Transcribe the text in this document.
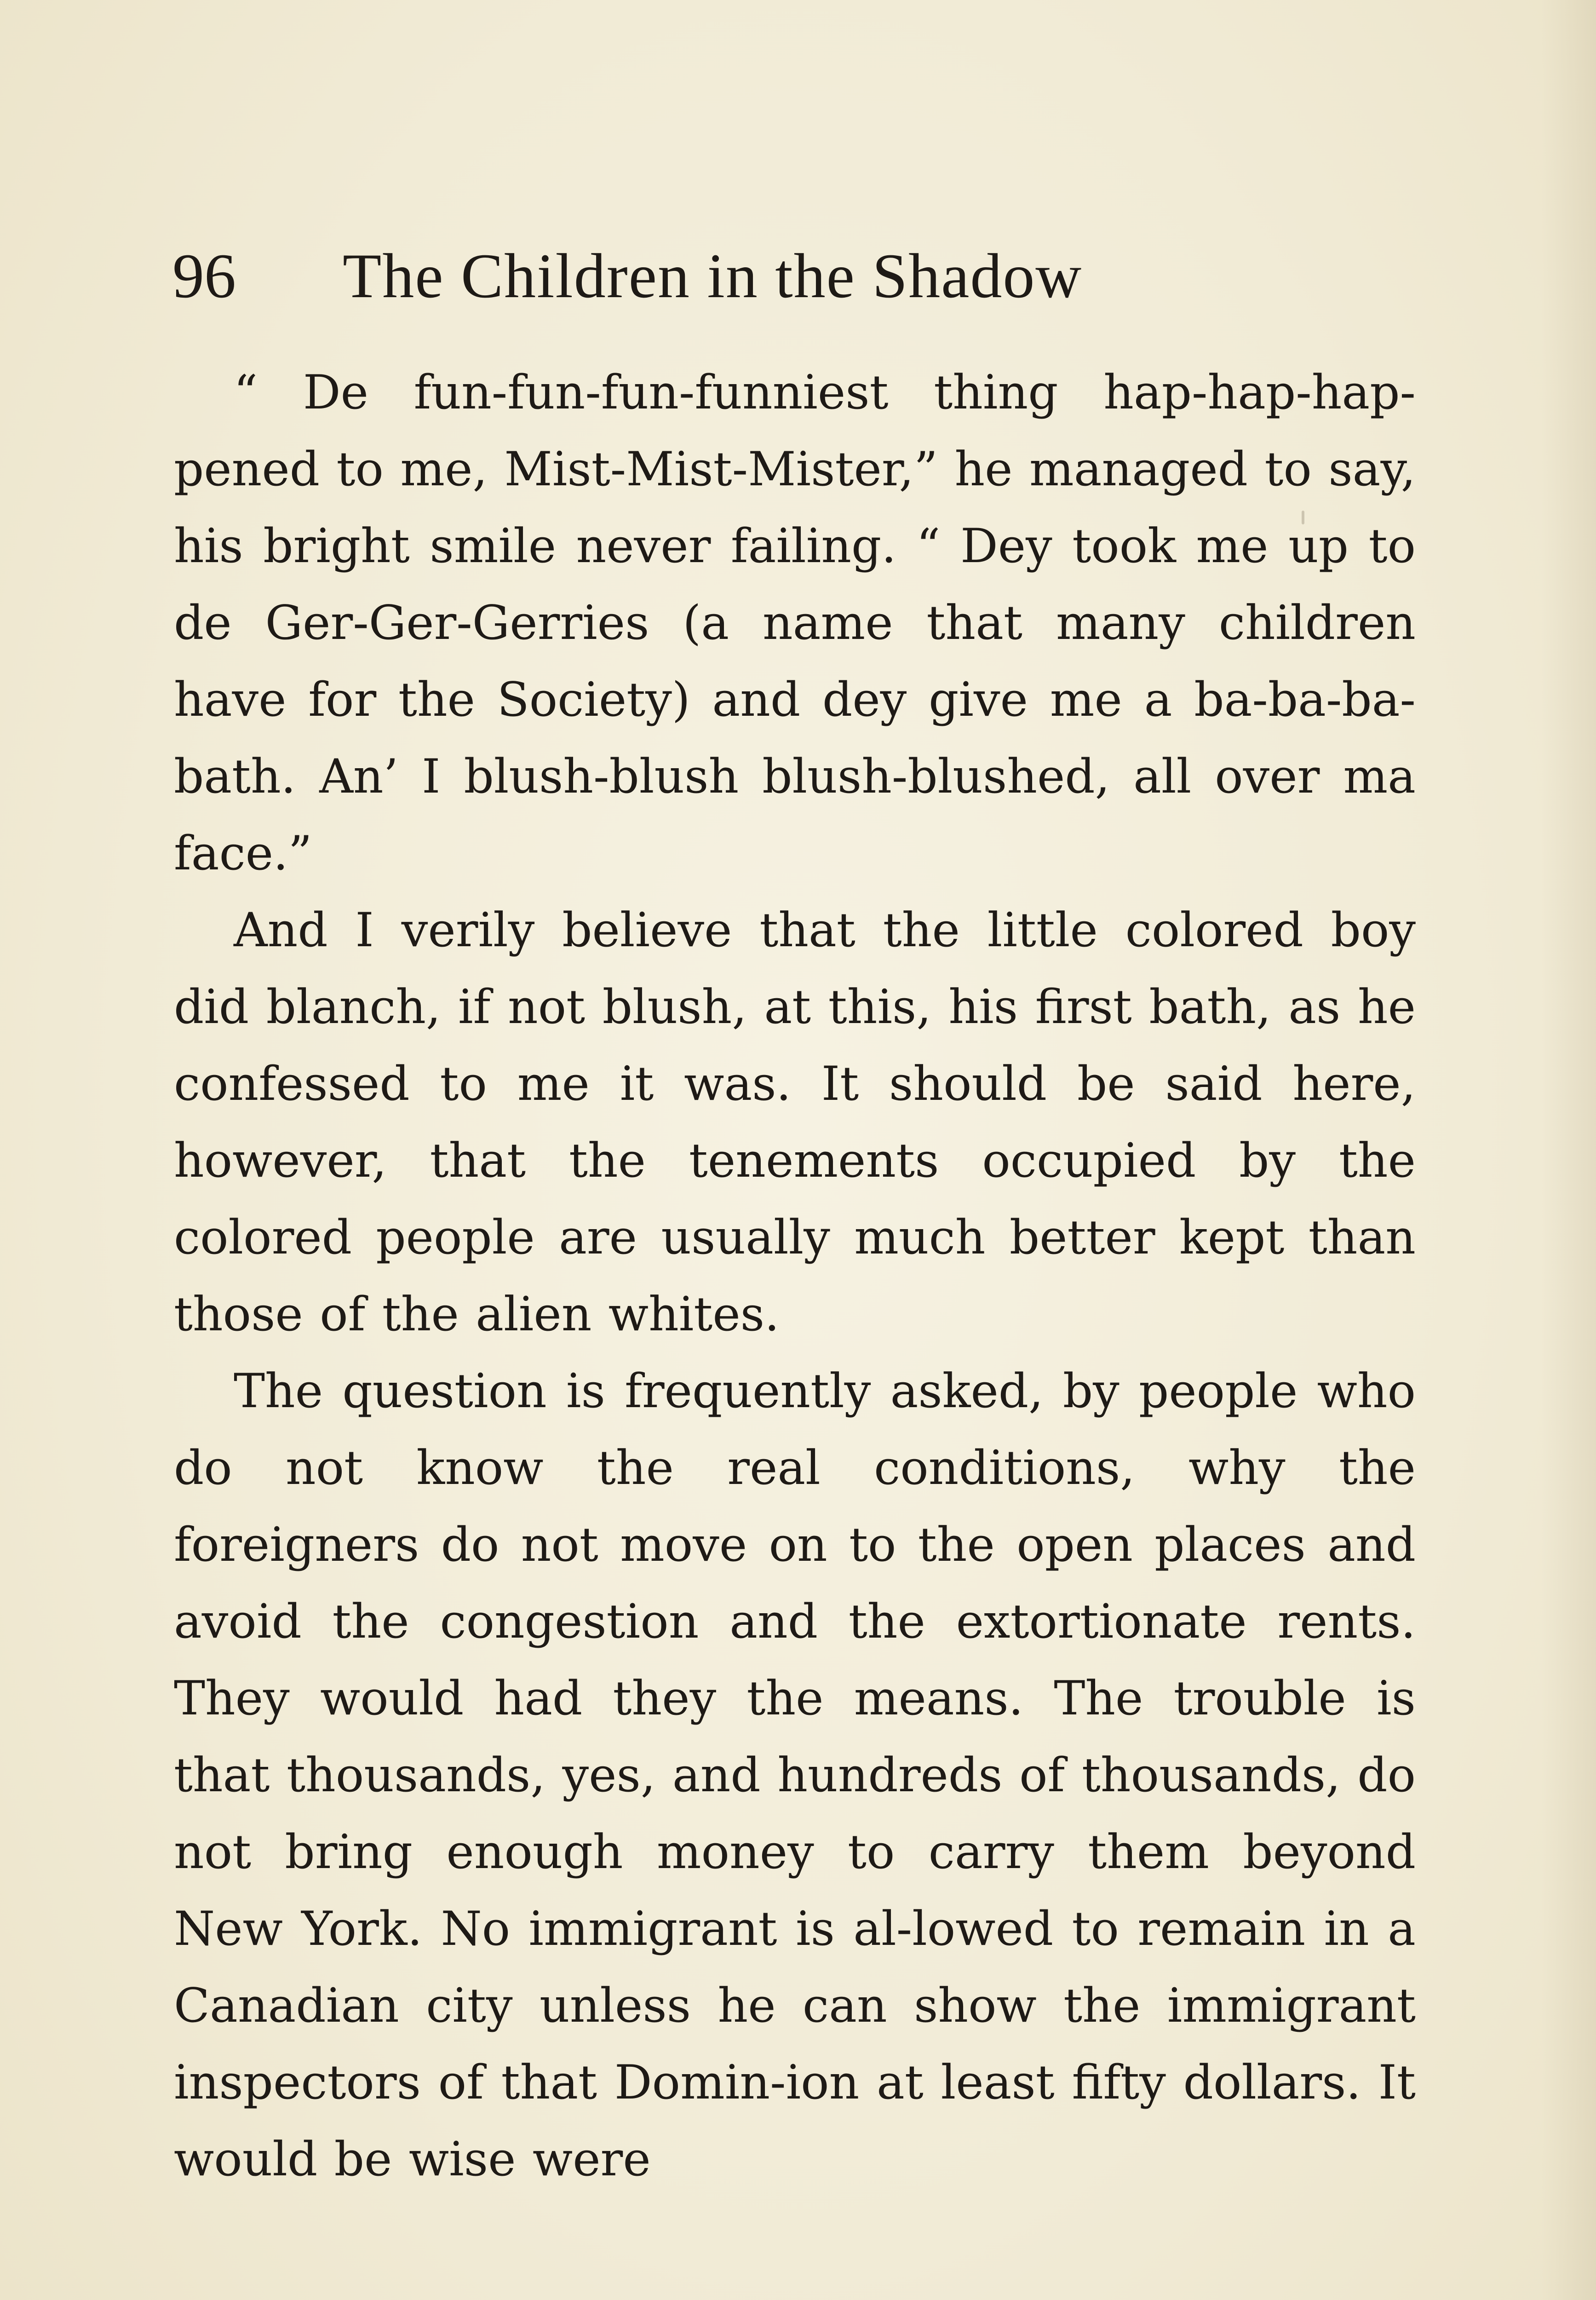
96 The Children in the Shadow

“ De fun-fun-fun-funniest thing hap-hap-hap-pened to me, Mist-Mist-Mister,” he managed to say, his bright smile never failing. “ Dey took me up to de Ger-Ger-Gerries (a name that many children have for the Society) and dey give me a ba-ba-ba-bath. An’ I blush-blush blush-blushed, all over ma face.”

And I verily believe that the little colored boy did blanch, if not blush, at this, his first bath, as he confessed to me it was. It should be said here, however, that the tenements occupied by the colored people are usually much better kept than those of the alien whites.

The question is frequently asked, by people who do not know the real conditions, why the foreigners do not move on to the open places and avoid the congestion and the extortionate rents. They would had they the means. The trouble is that thousands, yes, and hundreds of thousands, do not bring enough money to carry them beyond New York. No immigrant is al-lowed to remain in a Canadian city unless he can show the immigrant inspectors of that Domin-ion at least fifty dollars. It would be wise were
